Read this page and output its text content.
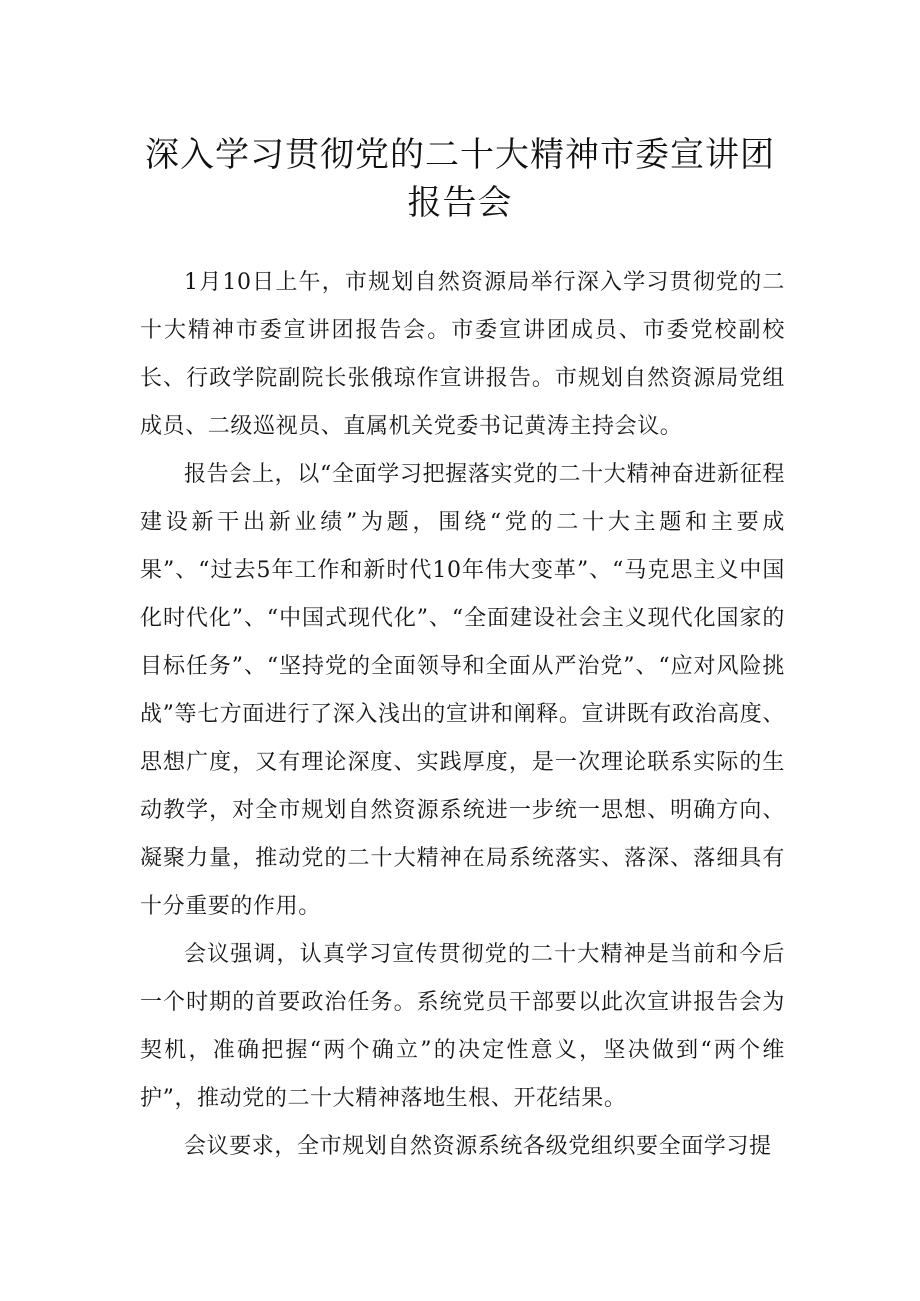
深入学习贯彻党的二十大精神市委宣讲团
报告会

1月10日上午，市规划自然资源局举行深入学习贯彻党的二十大精神市委宣讲团报告会。市委宣讲团成员、市委党校副校长、行政学院副院长张俄琼作宣讲报告。市规划自然资源局党组成员、二级巡视员、直属机关党委书记黄涛主持会议。

报告会上，以“全面学习把握落实党的二十大精神奋进新征程建设新干出新业绩”为题，围绕“党的二十大主题和主要成果”、“过去5年工作和新时代10年伟大变革”、“马克思主义中国化时代化”、“中国式现代化”、“全面建设社会主义现代化国家的目标任务”、“坚持党的全面领导和全面从严治党”、“应对风险挑战”等七方面进行了深入浅出的宣讲和阐释。宣讲既有政治高度、思想广度，又有理论深度、实践厚度，是一次理论联系实际的生动教学，对全市规划自然资源系统进一步统一思想、明确方向、凝聚力量，推动党的二十大精神在局系统落实、落深、落细具有十分重要的作用。

会议强调，认真学习宣传贯彻党的二十大精神是当前和今后一个时期的首要政治任务。系统党员干部要以此次宣讲报告会为契机，准确把握“两个确立”的决定性意义，坚决做到“两个维护”，推动党的二十大精神落地生根、开花结果。

会议要求，全市规划自然资源系统各级党组织要全面学习提
